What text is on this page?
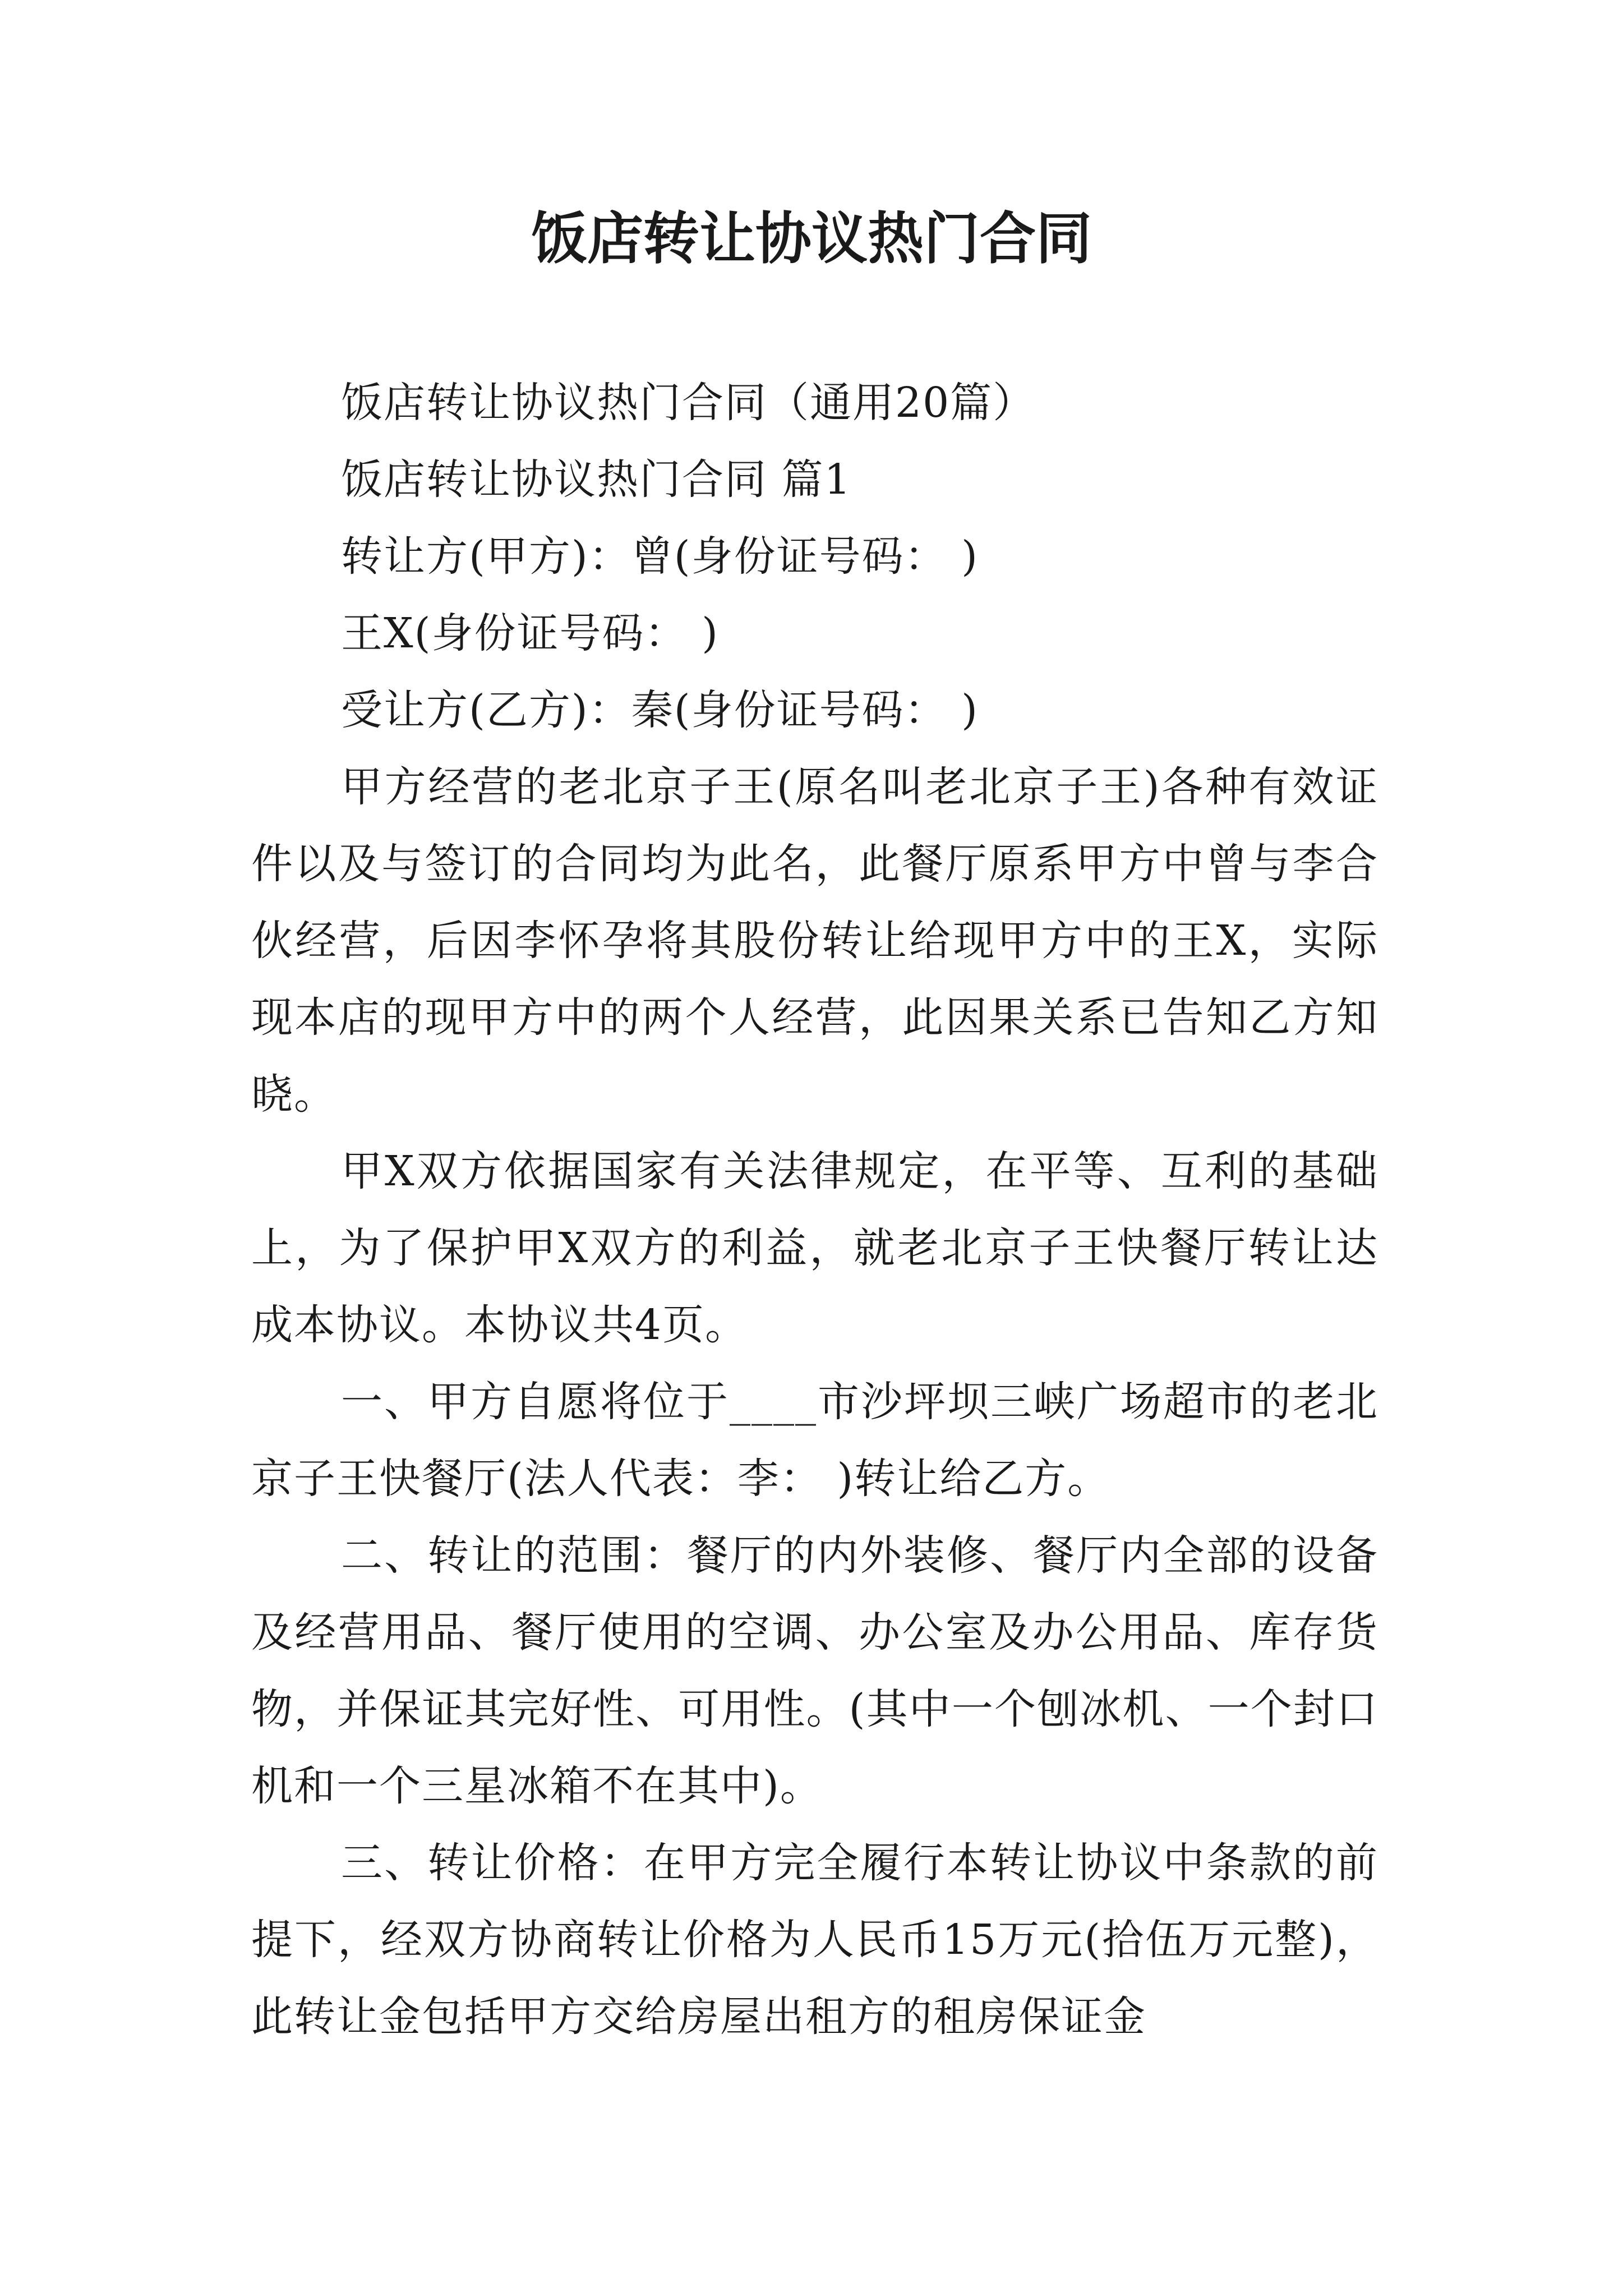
饭店转让协议热门合同

饭店转让协议热门合同（通用20篇）

饭店转让协议热门合同 篇1

转让方(甲方)：曾(身份证号码： )

王X(身份证号码： )

受让方(乙方)：秦(身份证号码： )

甲方经营的老北京子王(原名叫老北京子王)各种有效证件以及与签订的合同均为此名，此餐厅原系甲方中曾与李合伙经营，后因李怀孕将其股份转让给现甲方中的王X，实际现本店的现甲方中的两个人经营，此因果关系已告知乙方知晓。

甲X双方依据国家有关法律规定，在平等、互利的基础上，为了保护甲X双方的利益，就老北京子王快餐厅转让达成本协议。本协议共4页。

一、甲方自愿将位于____市沙坪坝三峡广场超市的老北京子王快餐厅(法人代表：李： )转让给乙方。

二、转让的范围：餐厅的内外装修、餐厅内全部的设备及经营用品、餐厅使用的空调、办公室及办公用品、库存货物，并保证其完好性、可用性。(其中一个刨冰机、一个封口机和一个三星冰箱不在其中)。

三、转让价格：在甲方完全履行本转让协议中条款的前提下，经双方协商转让价格为人民币15万元(拾伍万元整)，此转让金包括甲方交给房屋出租方的租房保证金
